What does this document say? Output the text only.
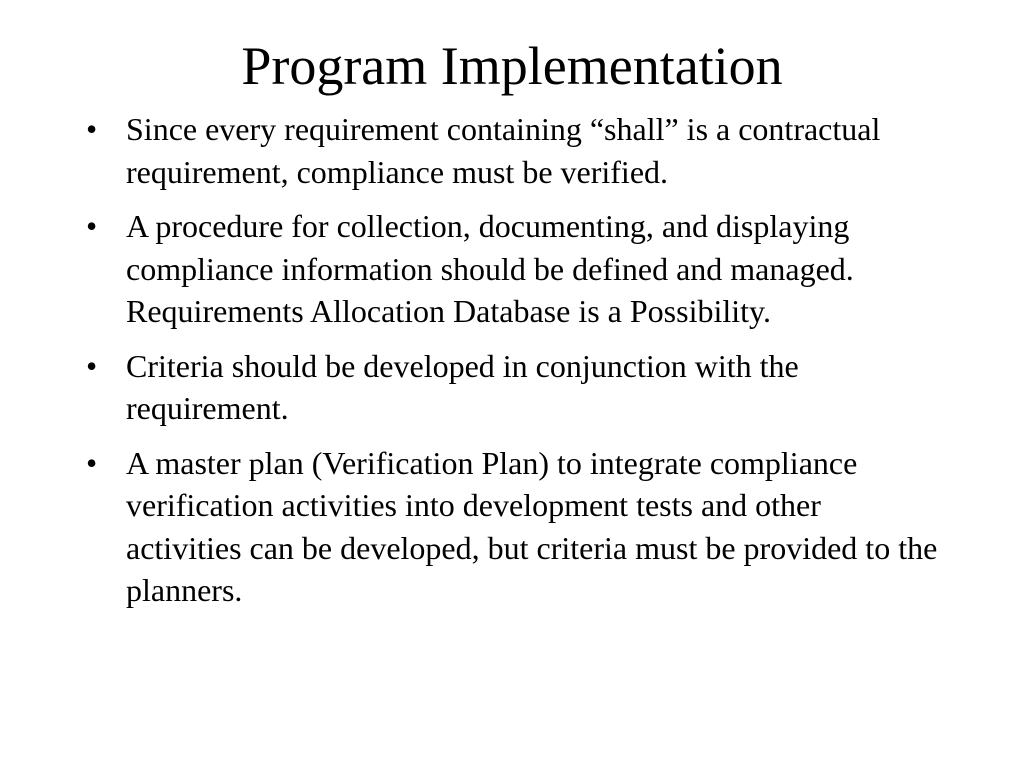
Program Implementation
• Since every requirement containing “shall” is a contractual requirement, compliance must be verified.
• A procedure for collection, documenting, and displaying compliance information should be defined and managed. Requirements Allocation Database is a Possibility.
• Criteria should be developed in conjunction with the requirement.
• A master plan (Verification Plan) to integrate compliance verification activities into development tests and other activities can be developed, but criteria must be provided to the planners.
